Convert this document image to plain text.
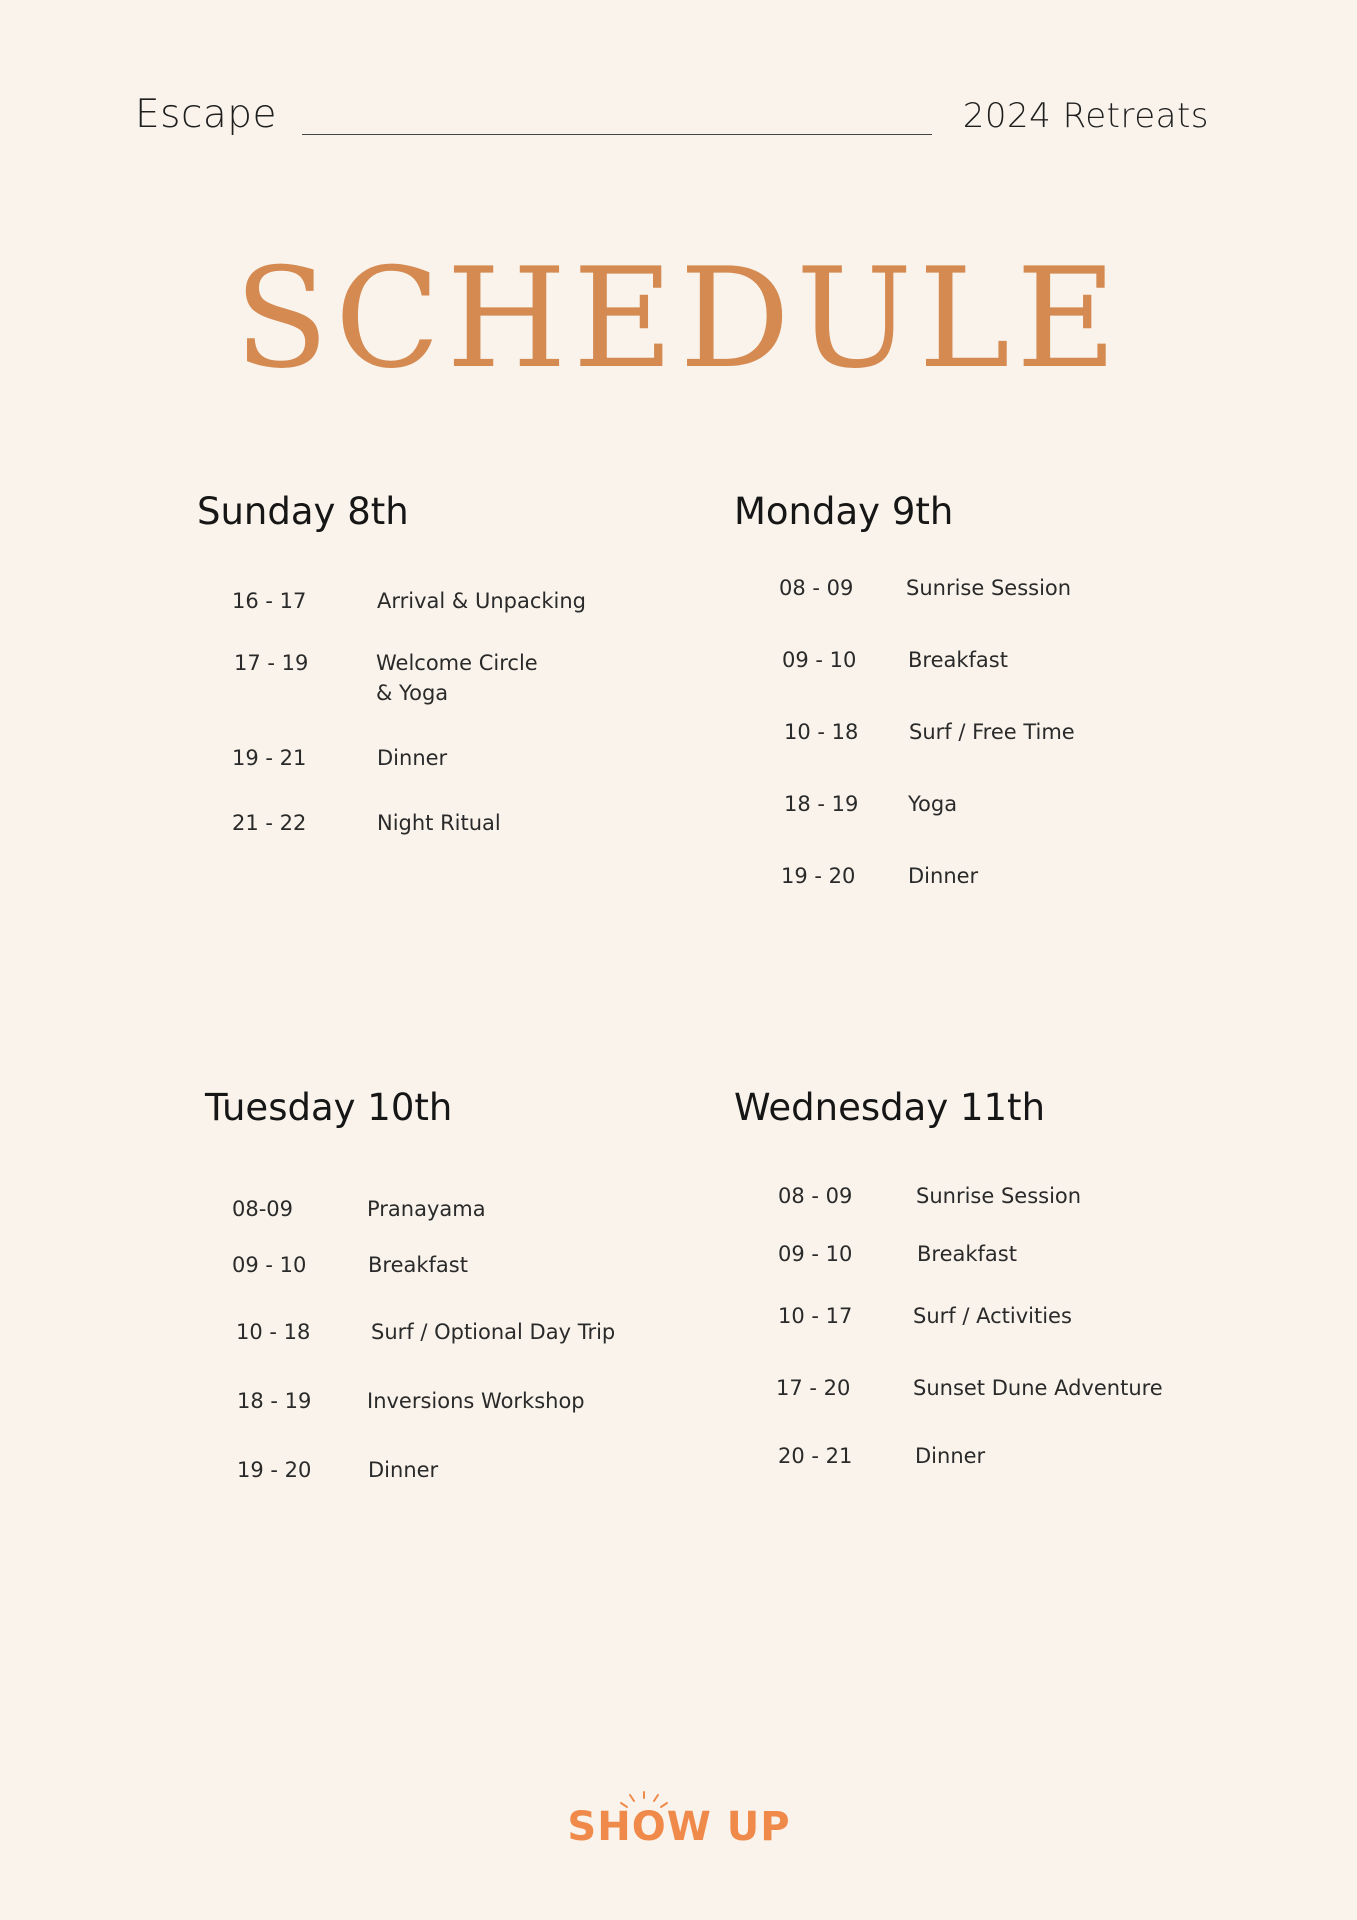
Escape	2024 Retreats
SCHEDULE
Sunday 8th
16 - 17	Arrival & Unpacking
17 - 19	Welcome Circle
& Yoga
19 - 21	Dinner
21 - 22	Night Ritual
Monday 9th
08 - 09	Sunrise Session
09 - 10 Breakfast
10 - 18 Surf / Free Time
18 - 19 Yoga
19 - 20	Dinner
Tuesday 10th
08-09	Pranayama
09 - 10	Breakfast
10 - 18	Surf / Optional Day Trip
18 - 19	Inversions Workshop
19 - 20	Dinner
Wednesday 11th
08 - 09	Sunrise Session
09 - 10	Breakfast
10 - 17	Surf / Activities
17 - 20	Sunset Dune Adventure
20 - 21	Dinner
SHOW UP
